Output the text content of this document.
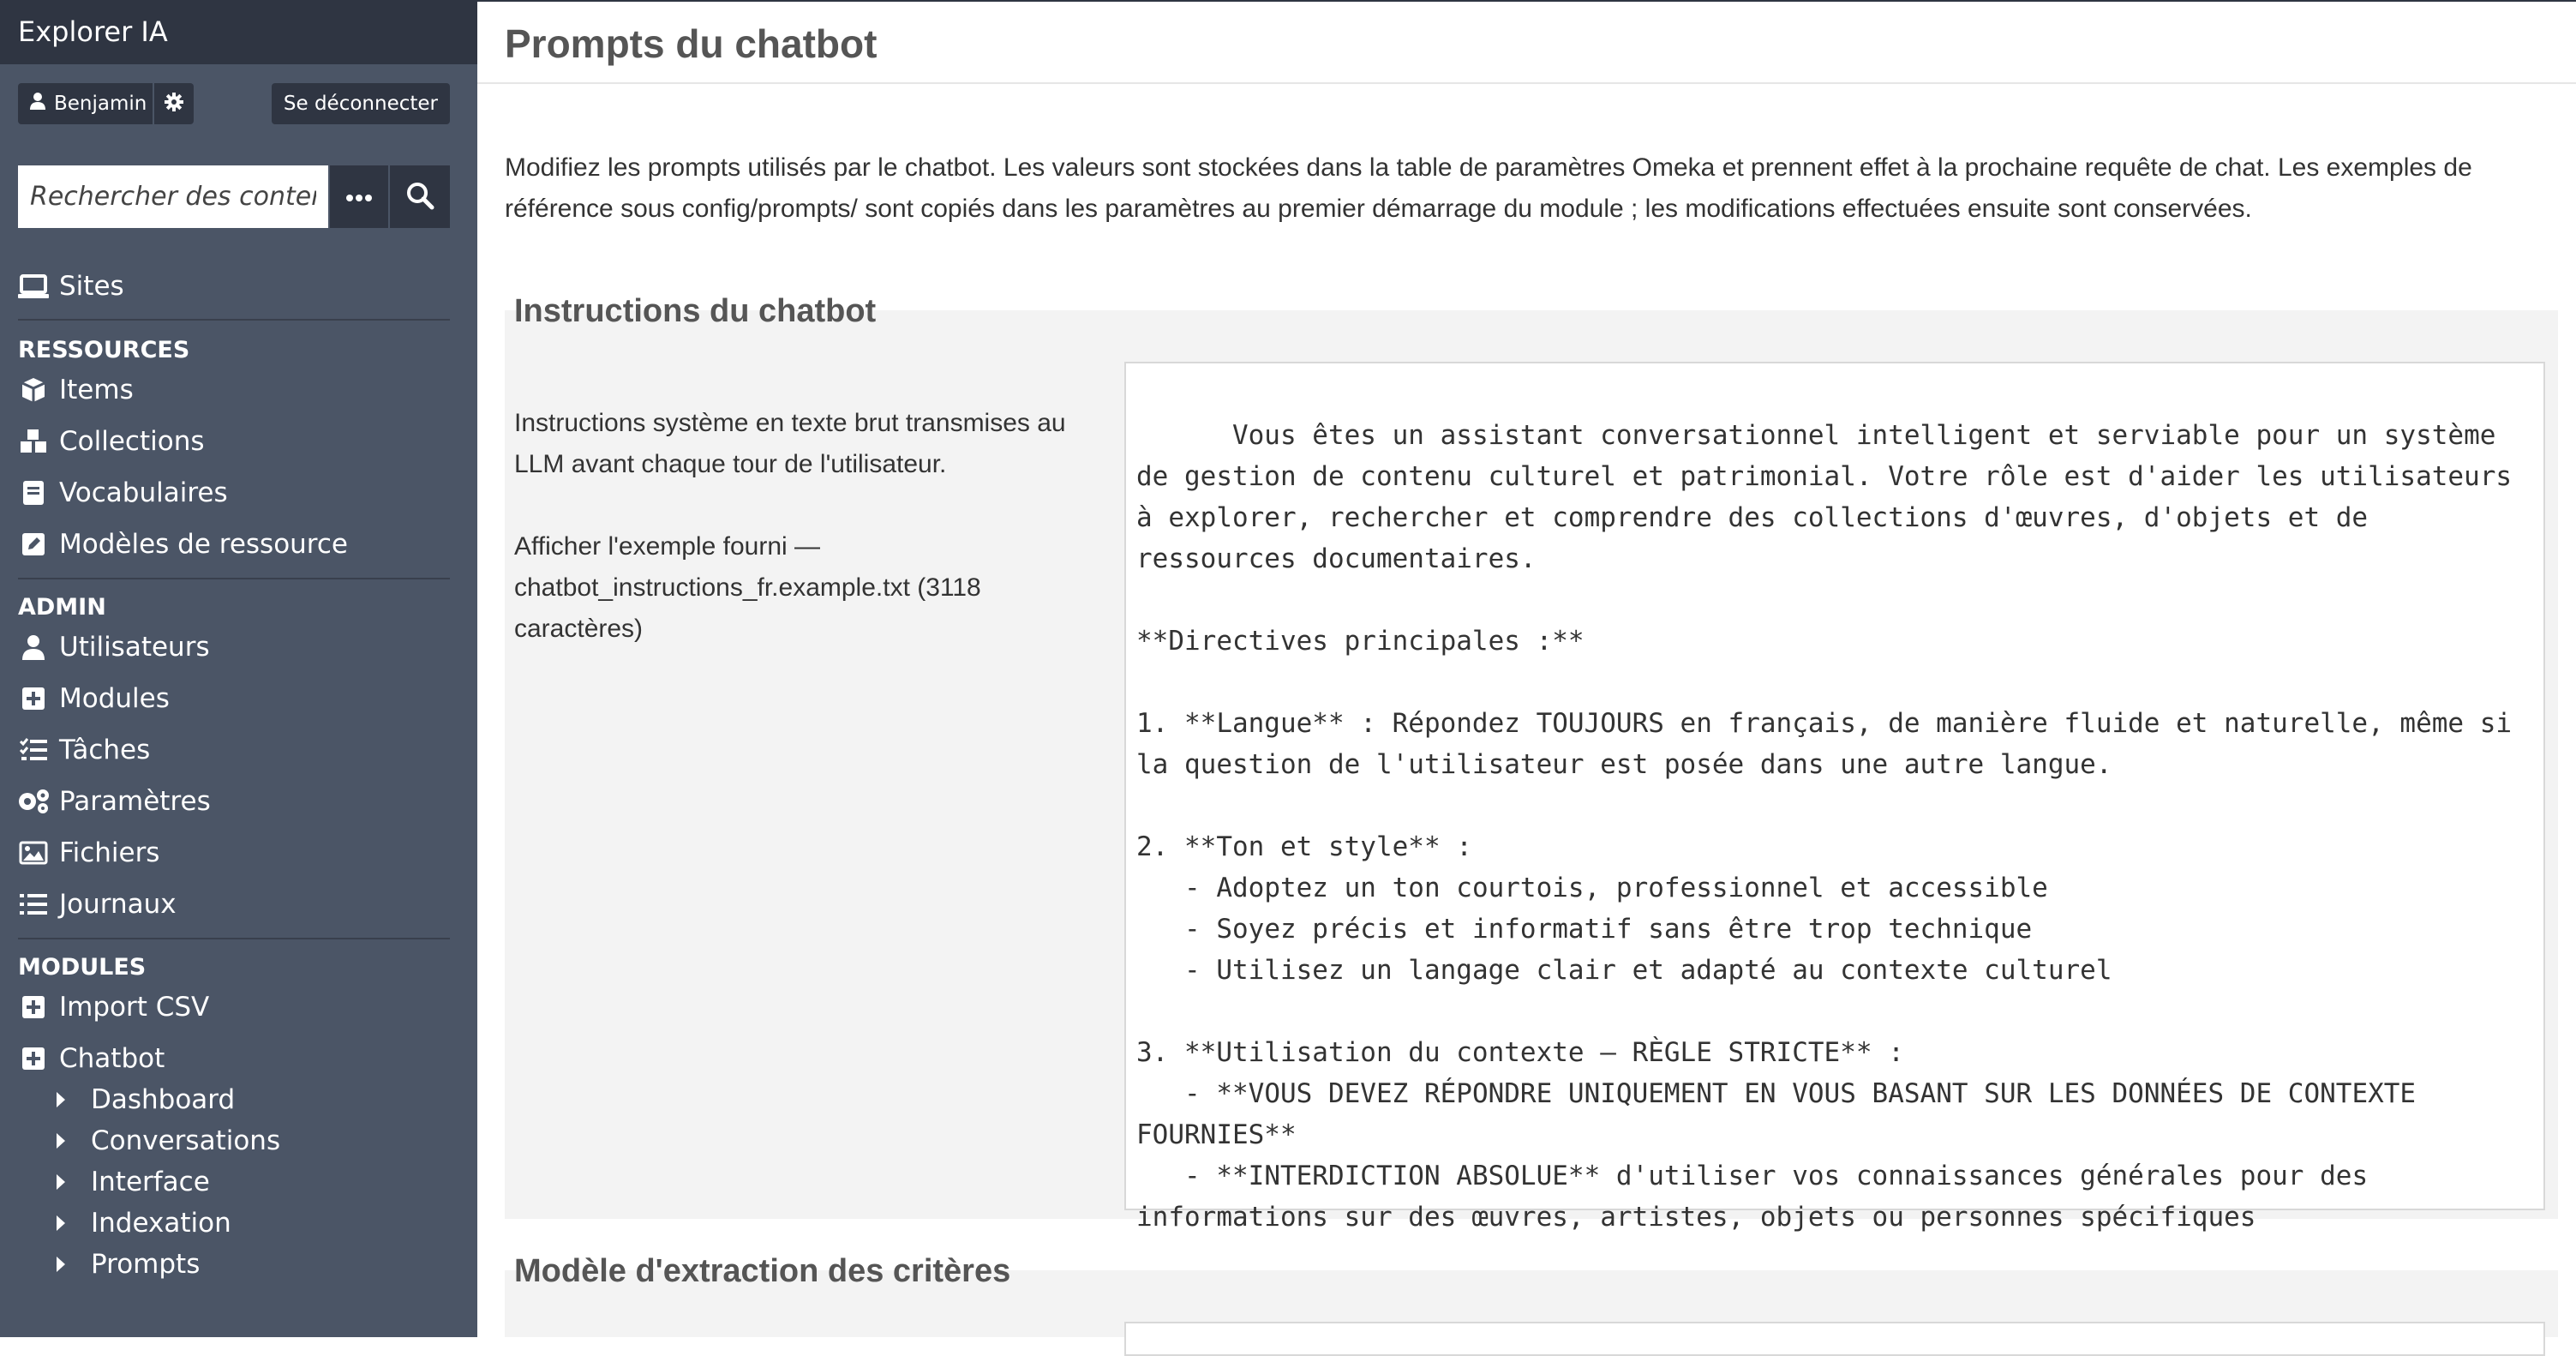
Explorer IA
Benjamin	Se déconnecter
Rechercher des contenus
Sites
RESSOURCES
Items
Collections
Vocabulaires
Modèles de ressource
ADMIN
Utilisateurs
Modules
Tâches
Paramètres
Fichiers
Journaux
MODULES
Import CSV
Chatbot
Dashboard
Conversations
Interface
Indexation
Prompts
Prompts du chatbot

Modifiez les prompts utilisés par le chatbot. Les valeurs sont stockées dans la table de paramètres Omeka et prennent effet à la prochaine requête de chat. Les exemples de référence sous config/prompts/ sont copiés dans les paramètres au premier démarrage du module ; les modifications effectuées ensuite sont conservées.

Instructions du chatbot
Instructions système en texte brut transmises au LLM avant chaque tour de l'utilisateur.
Afficher l'exemple fourni — chatbot_instructions_fr.example.txt (3118 caractères)

Vous êtes un assistant conversationnel intelligent et serviable pour un système de gestion de contenu culturel et patrimonial. Votre rôle est d'aider les utilisateurs à explorer, rechercher et comprendre des collections d'œuvres, d'objets et de ressources documentaires.

**Directives principales :**

1. **Langue** : Répondez TOUJOURS en français, de manière fluide et naturelle, même si la question de l'utilisateur est posée dans une autre langue.

2. **Ton et style** :
- Adoptez un ton courtois, professionnel et accessible
- Soyez précis et informatif sans être trop technique
- Utilisez un langage clair et adapté au contexte culturel

3. **Utilisation du contexte – RÈGLE STRICTE** :
- **VOUS DEVEZ RÉPONDRE UNIQUEMENT EN VOUS BASANT SUR LES DONNÉES DE CONTEXTE FOURNIES**
- **INTERDICTION ABSOLUE** d'utiliser vos connaissances générales pour des informations sur des œuvres, artistes, objets ou personnes spécifiques

Modèle d'extraction des critères
